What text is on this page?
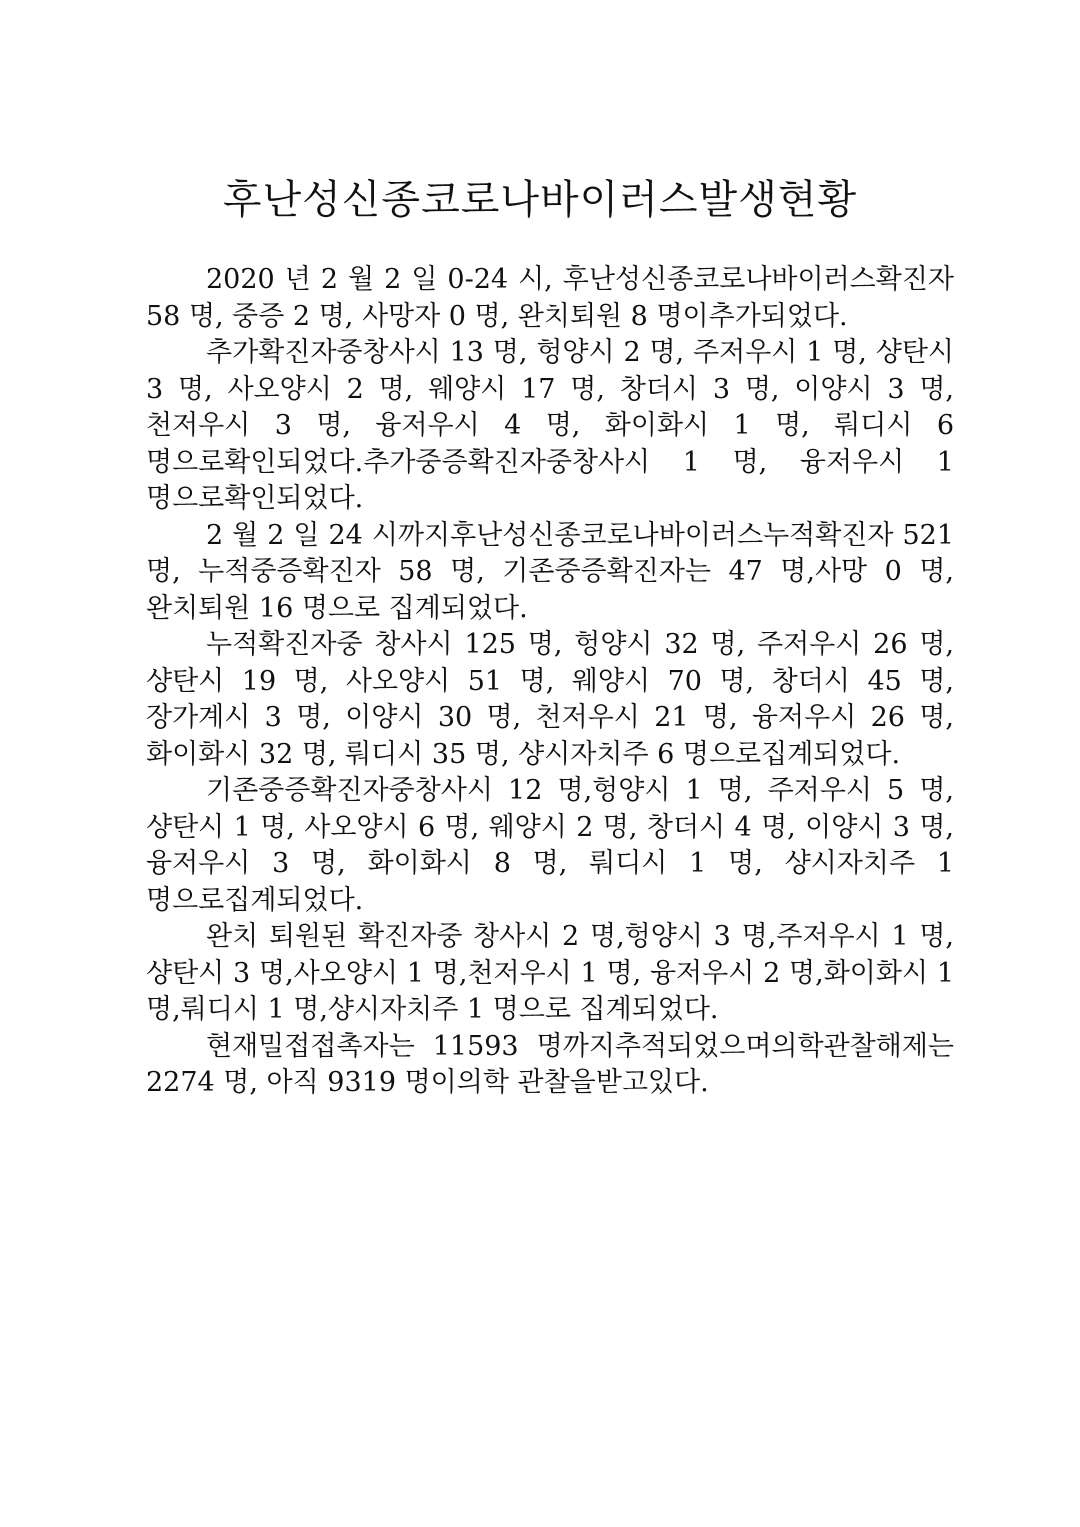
후난성신종코로나바이러스발생현황

2020 년 2 월 2 일 0-24 시, 후난성신종코로나바이러스확진자 58 명, 중증 2 명, 사망자 0 명, 완치퇴원 8 명이추가되었다.

추가확진자중창사시 13 명, 헝양시 2 명, 주저우시 1 명, 샹탄시 3 명, 사오양시 2 명, 웨양시 17 명, 창더시 3 명, 이양시 3 명, 천저우시 3 명, 융저우시 4 명, 화이화시 1 명, 뤄디시 6 명으로확인되었다.추가중증확진자중창사시 1 명, 융저우시 1 명으로확인되었다.

2 월 2 일 24 시까지후난성신종코로나바이러스누적확진자 521 명, 누적중증확진자 58 명, 기존중증확진자는 47 명,사망 0 명, 완치퇴원 16 명으로 집계되었다.

누적확진자중 창사시 125 명, 헝양시 32 명, 주저우시 26 명, 샹탄시 19 명, 사오양시 51 명, 웨양시 70 명, 창더시 45 명, 장가계시 3 명, 이양시 30 명, 천저우시 21 명, 융저우시 26 명, 화이화시 32 명, 뤄디시 35 명, 샹시자치주 6 명으로집계되었다.

기존중증확진자중창사시 12 명,헝양시 1 명, 주저우시 5 명, 샹탄시 1 명, 사오양시 6 명, 웨양시 2 명, 창더시 4 명, 이양시 3 명,융저우시 3 명, 화이화시 8 명, 뤄디시 1 명, 샹시자치주 1 명으로집계되었다.

완치 퇴원된 확진자중 창사시 2 명,헝양시 3 명,주저우시 1 명,샹탄시 3 명,사오양시 1 명,천저우시 1 명, 융저우시 2 명,화이화시 1 명,뤄디시 1 명,샹시자치주 1 명으로 집계되었다.

현재밀접접촉자는 11593 명까지추적되었으며의학관찰해제는 2274 명, 아직 9319 명이의학 관찰을받고있다.
